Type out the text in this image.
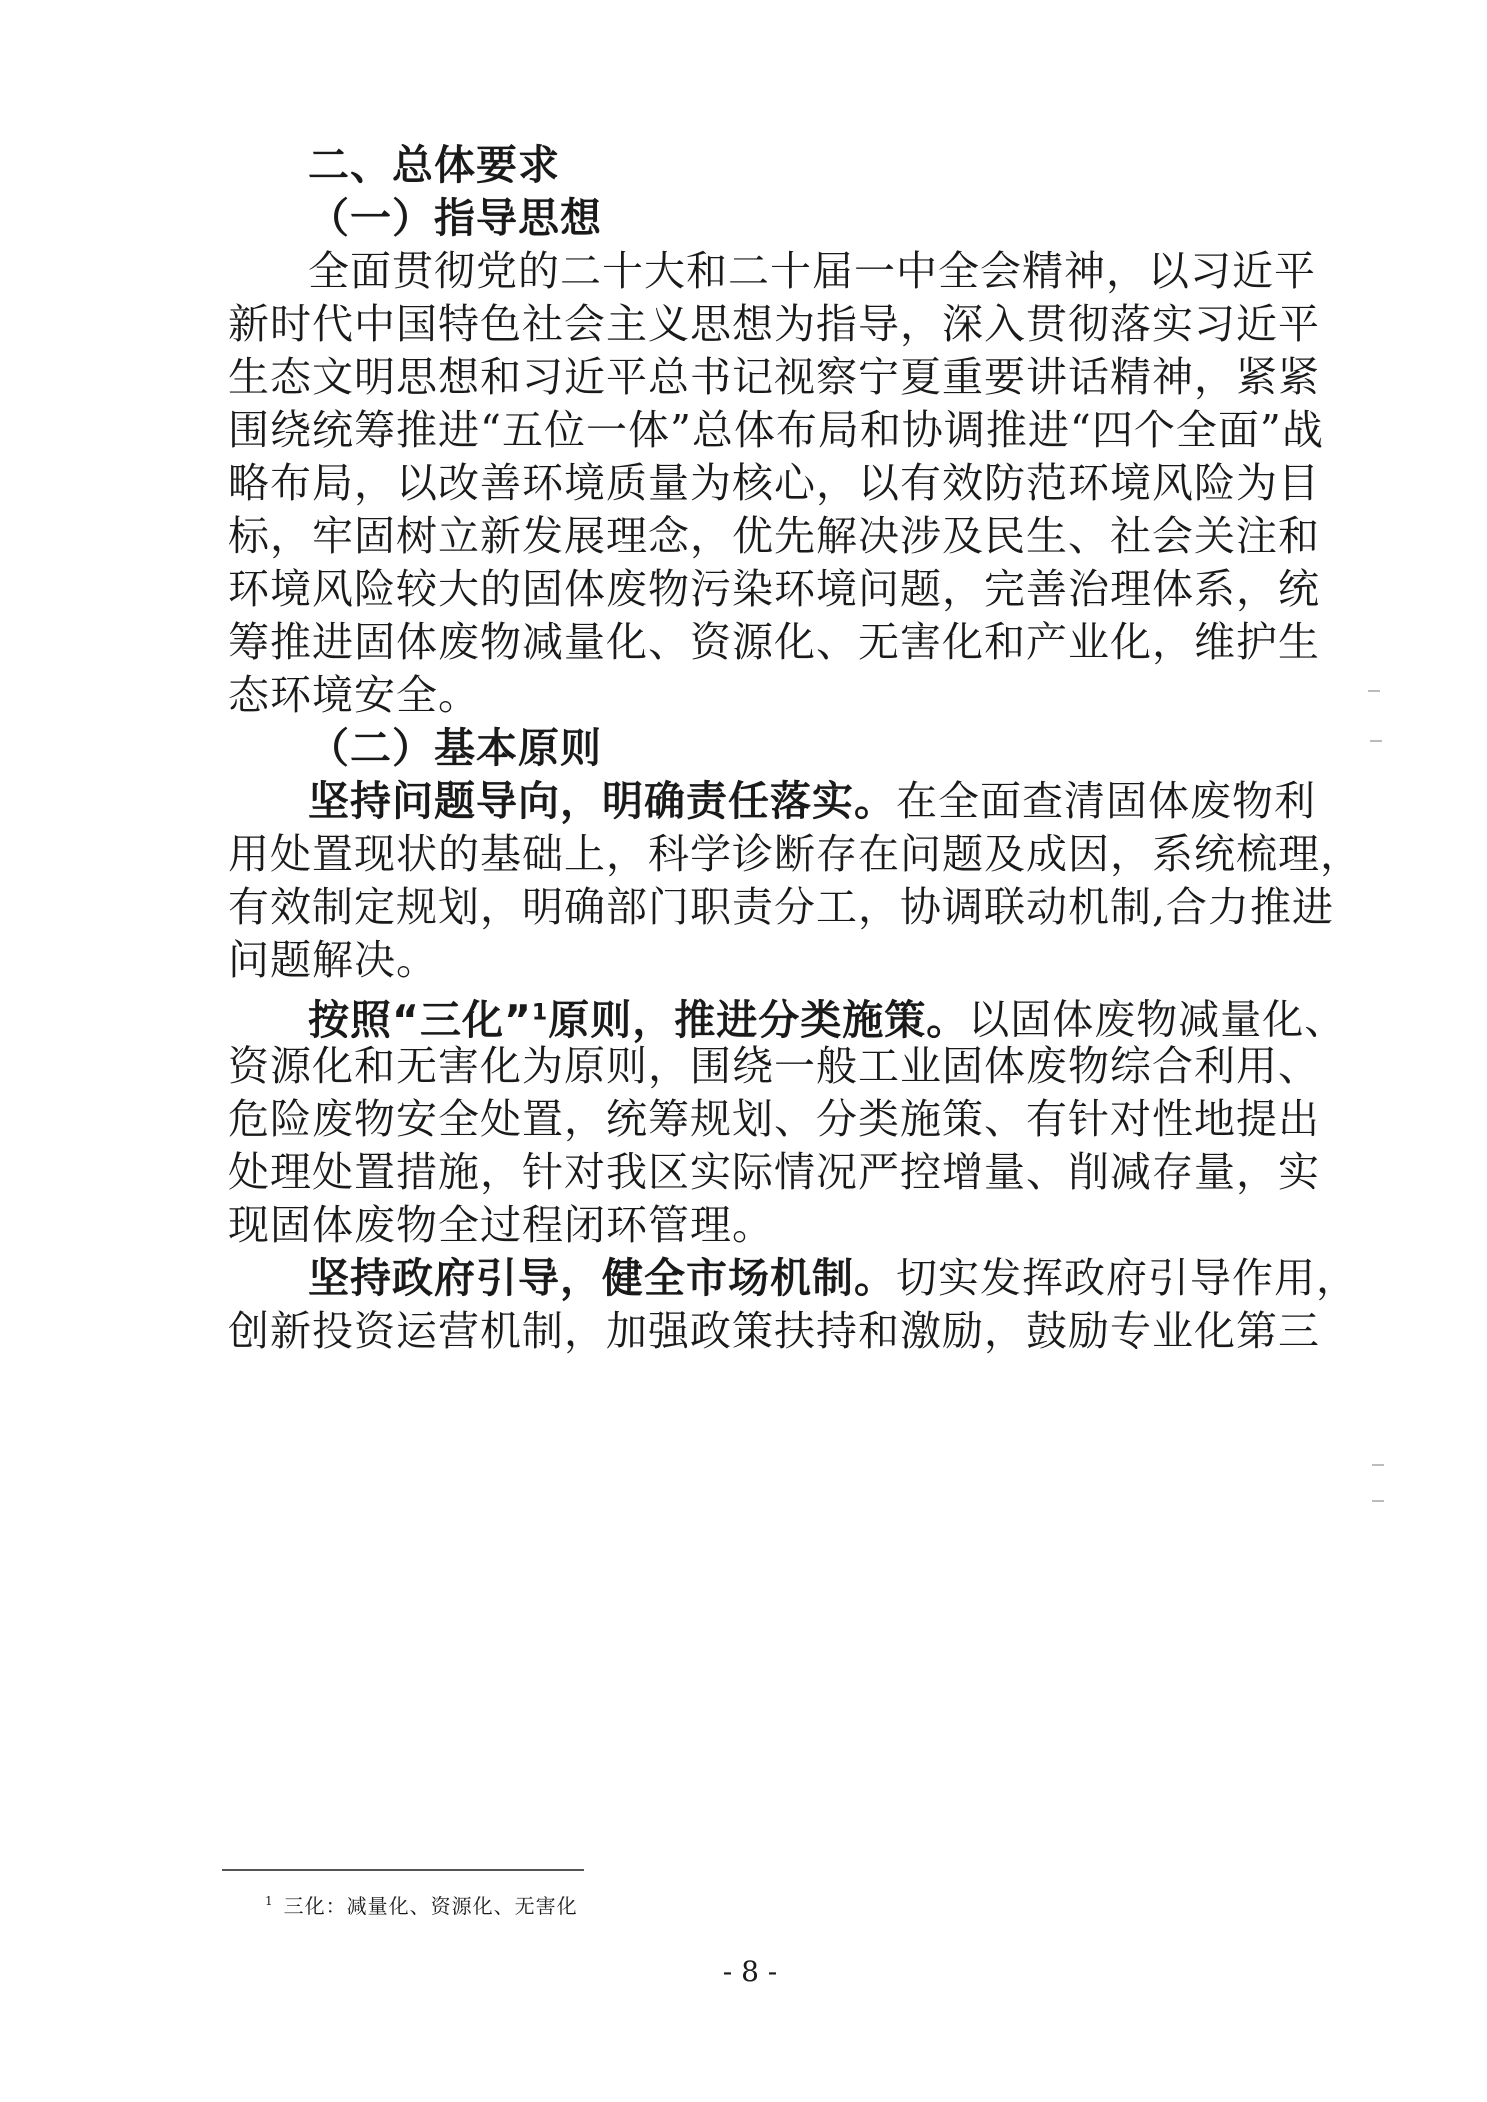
二、总体要求
（一）指导思想
全面贯彻党的二十大和二十届一中全会精神，以习近平
新时代中国特色社会主义思想为指导，深入贯彻落实习近平
生态文明思想和习近平总书记视察宁夏重要讲话精神，紧紧
围绕统筹推进“五位一体”总体布局和协调推进“四个全面”战
略布局，以改善环境质量为核心，以有效防范环境风险为目
标，牢固树立新发展理念，优先解决涉及民生、社会关注和
环境风险较大的固体废物污染环境问题，完善治理体系，统
筹推进固体废物减量化、资源化、无害化和产业化，维护生
态环境安全。
（二）基本原则
坚持问题导向，明确责任落实。在全面查清固体废物利
用处置现状的基础上，科学诊断存在问题及成因，系统梳理，
有效制定规划，明确部门职责分工，协调联动机制,合力推进
问题解决。
按照“三化”$^1$原则，推进分类施策。以固体废物减量化、
资源化和无害化为原则，围绕一般工业固体废物综合利用、
危险废物安全处置，统筹规划、分类施策、有针对性地提出
处理处置措施，针对我区实际情况严控增量、削减存量，实
现固体废物全过程闭环管理。
坚持政府引导，健全市场机制。切实发挥政府引导作用，
创新投资运营机制，加强政策扶持和激励，鼓励专业化第三
$^1$ 三化：减量化、资源化、无害化
- 8 -
